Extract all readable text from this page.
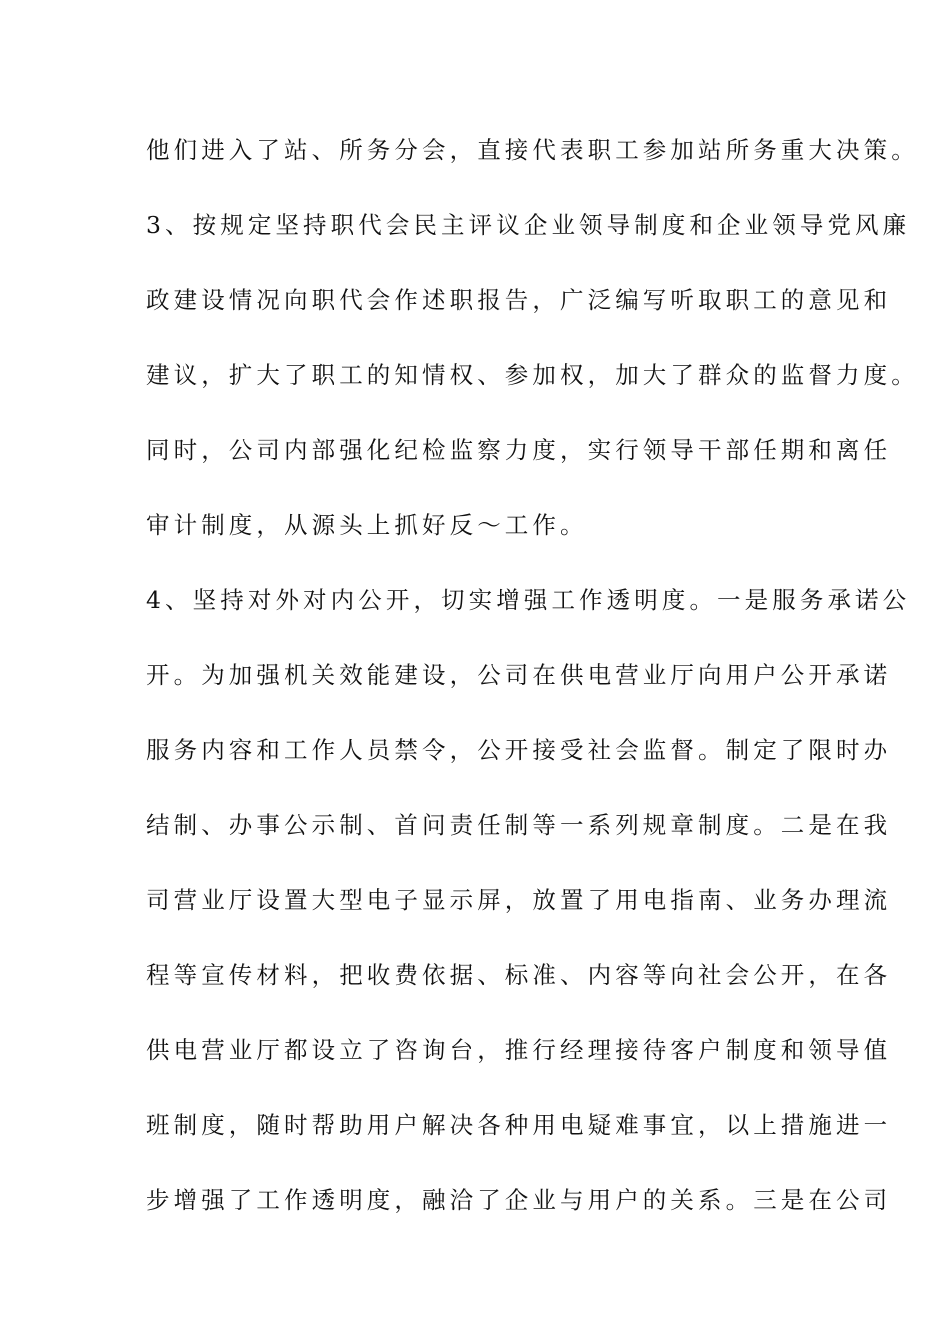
他们进入了站、所务分会，直接代表职工参加站所务重大决策。
3、按规定坚持职代会民主评议企业领导制度和企业领导党风廉
政建设情况向职代会作述职报告，广泛编写听取职工的意见和
建议，扩大了职工的知情权、参加权，加大了群众的监督力度。
同时，公司内部强化纪检监察力度，实行领导干部任期和离任
审计制度，从源头上抓好反～工作。
4、坚持对外对内公开，切实增强工作透明度。一是服务承诺公
开。为加强机关效能建设，公司在供电营业厅向用户公开承诺
服务内容和工作人员禁令，公开接受社会监督。制定了限时办
结制、办事公示制、首问责任制等一系列规章制度。二是在我
司营业厅设置大型电子显示屏，放置了用电指南、业务办理流
程等宣传材料，把收费依据、标准、内容等向社会公开，在各
供电营业厅都设立了咨询台，推行经理接待客户制度和领导值
班制度，随时帮助用户解决各种用电疑难事宜，以上措施进一
步增强了工作透明度，融洽了企业与用户的关系。三是在公司
